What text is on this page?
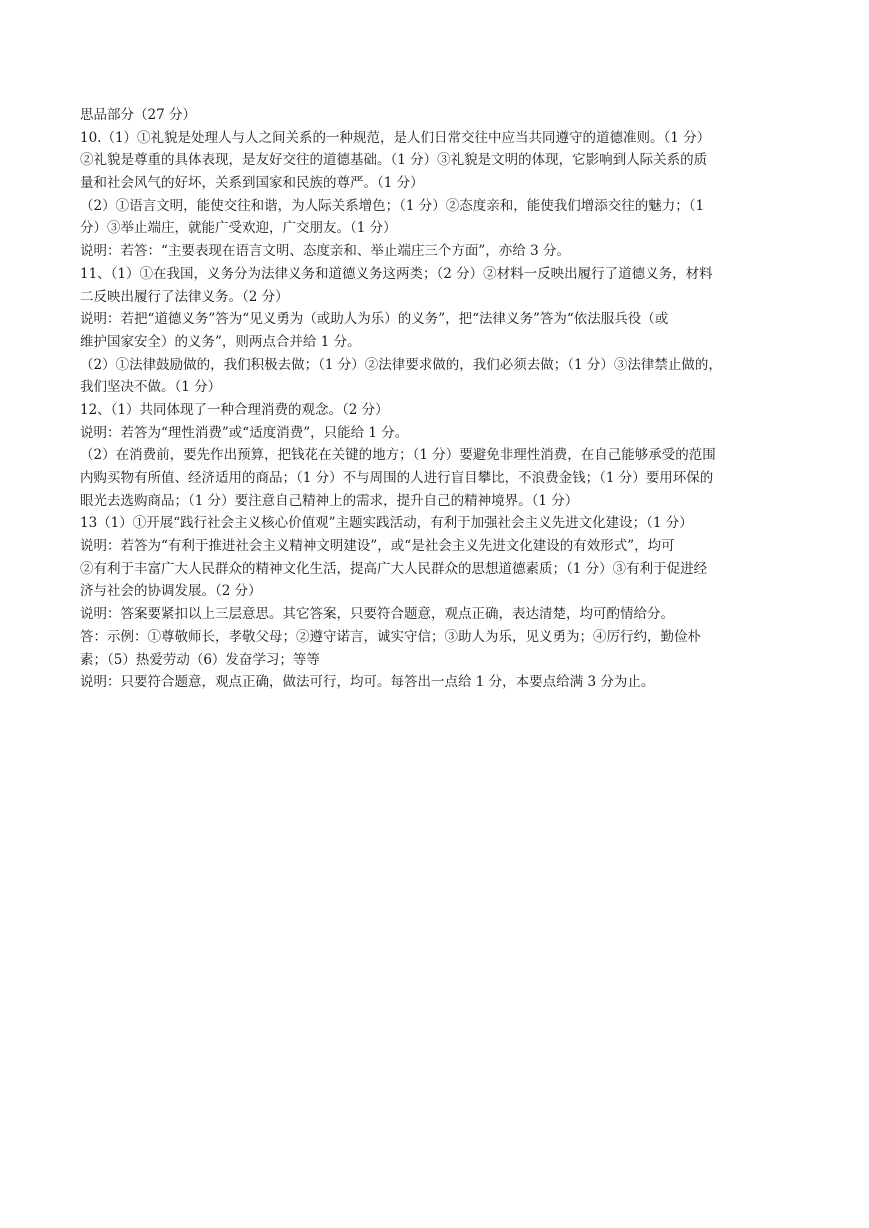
思品部分（27 分）
10.（1）①礼貌是处理人与人之间关系的一种规范，是人们日常交往中应当共同遵守的道德准则。（1 分）
②礼貌是尊重的具体表现，是友好交往的道德基础。（1 分）③礼貌是文明的体现，它影响到人际关系的质
量和社会风气的好坏，关系到国家和民族的尊严。（1 分）
（2）①语言文明，能使交往和谐，为人际关系增色；（1 分）②态度亲和，能使我们增添交往的魅力；（1
分）③举止端庄，就能广受欢迎，广交朋友。（1 分）
说明：若答：“主要表现在语言文明、态度亲和、举止端庄三个方面”，亦给 3 分。
11、（1）①在我国，义务分为法律义务和道德义务这两类；（2 分）②材料一反映出履行了道德义务，材料
二反映出履行了法律义务。（2 分）
说明：若把“道德义务”答为“见义勇为（或助人为乐）的义务”，把“法律义务”答为“依法服兵役（或
维护国家安全）的义务”，则两点合并给 1 分。
（2）①法律鼓励做的，我们积极去做；（1 分）②法律要求做的，我们必须去做；（1 分）③法律禁止做的，
我们坚决不做。（1 分）
12、（1）共同体现了一种合理消费的观念。（2 分）
说明：若答为“理性消费”或“适度消费”，只能给 1 分。
（2）在消费前，要先作出预算，把钱花在关键的地方；（1 分）要避免非理性消费，在自己能够承受的范围
内购买物有所值、经济适用的商品；（1 分）不与周围的人进行盲目攀比，不浪费金钱；（1 分）要用环保的
眼光去选购商品；（1 分）要注意自己精神上的需求，提升自己的精神境界。（1 分）
13（1）①开展“践行社会主义核心价值观”主题实践活动，有利于加强社会主义先进文化建设；（1 分）
说明：若答为“有利于推进社会主义精神文明建设”，或“是社会主义先进文化建设的有效形式”，均可
②有利于丰富广大人民群众的精神文化生活，提高广大人民群众的思想道德素质；（1 分）③有利于促进经
济与社会的协调发展。（2 分）
说明：答案要紧扣以上三层意思。其它答案，只要符合题意，观点正确，表达清楚，均可酌情给分。
答：示例：①尊敬师长，孝敬父母；②遵守诺言，诚实守信；③助人为乐，见义勇为；④厉行约，勤俭朴
素；（5）热爱劳动（6）发奋学习；等等
说明：只要符合题意，观点正确，做法可行，均可。每答出一点给 1 分，本要点给满 3 分为止。
